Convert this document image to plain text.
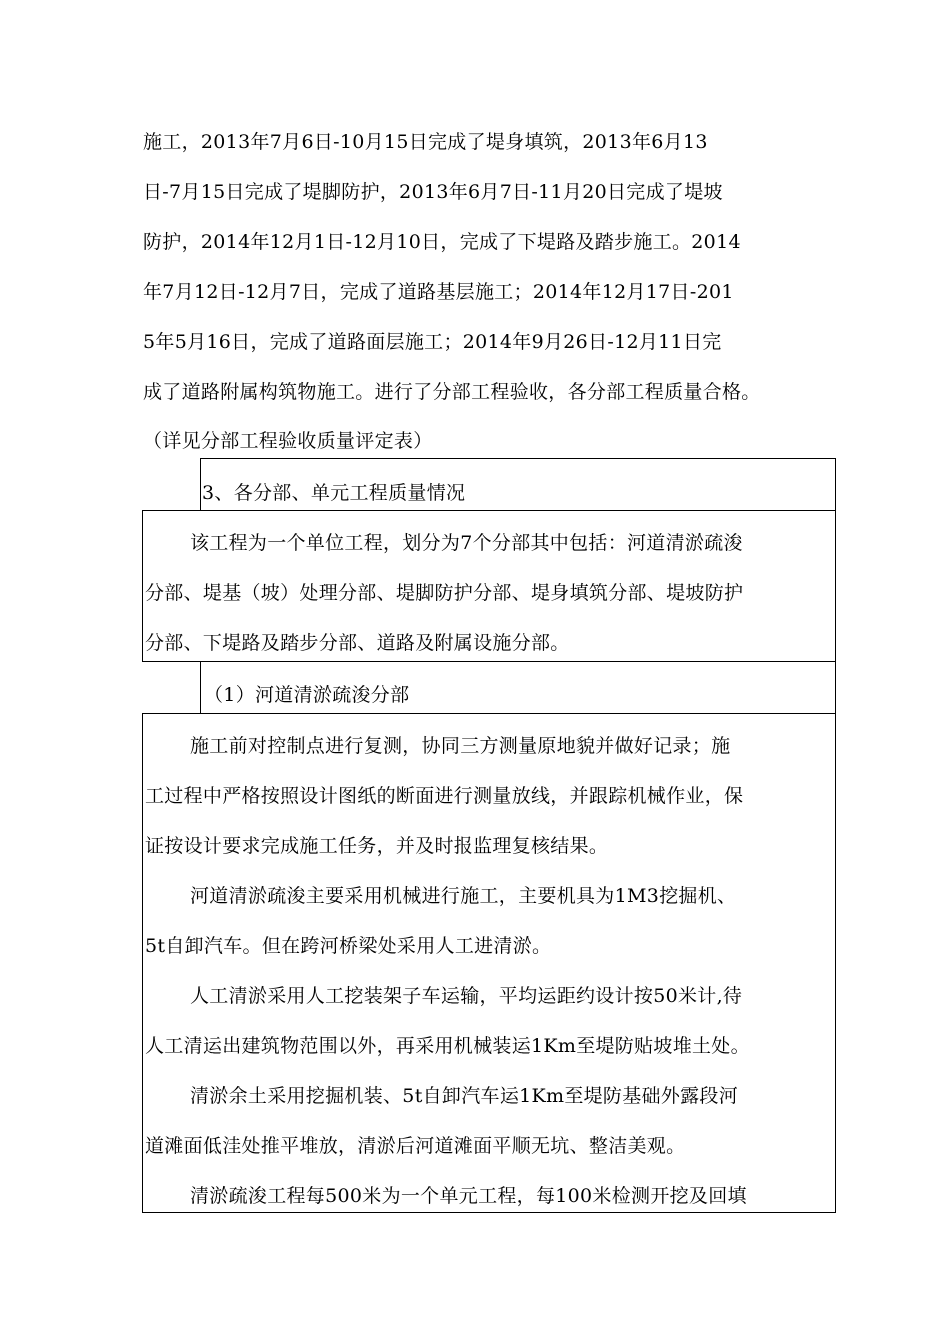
施工，2013年7月6日-10月15日完成了堤身填筑，2013年6月13
日-7月15日完成了堤脚防护，2013年6月7日-11月20日完成了堤坡
防护，2014年12月1日-12月10日，完成了下堤路及踏步施工。2014
年7月12日-12月7日，完成了道路基层施工；2014年12月17日-201
5年5月16日，完成了道路面层施工；2014年9月26日-12月11日完
成了道路附属构筑物施工。进行了分部工程验收，各分部工程质量合格。
（详见分部工程验收质量评定表）
3、各分部、单元工程质量情况
该工程为一个单位工程，划分为7个分部其中包括：河道清淤疏浚
分部、堤基（坡）处理分部、堤脚防护分部、堤身填筑分部、堤坡防护
分部、下堤路及踏步分部、道路及附属设施分部。
（1）河道清淤疏浚分部
施工前对控制点进行复测，协同三方测量原地貌并做好记录；施
工过程中严格按照设计图纸的断面进行测量放线，并跟踪机械作业，保
证按设计要求完成施工任务，并及时报监理复核结果。
河道清淤疏浚主要采用机械进行施工，主要机具为1M3挖掘机、
5t自卸汽车。但在跨河桥梁处采用人工进清淤。
人工清淤采用人工挖装架子车运输，平均运距约设计按50米计,待
人工清运出建筑物范围以外，再采用机械装运1Km至堤防贴坡堆土处。
清淤余土采用挖掘机装、5t自卸汽车运1Km至堤防基础外露段河
道滩面低洼处推平堆放，清淤后河道滩面平顺无坑、整洁美观。
清淤疏浚工程每500米为一个单元工程，每100米检测开挖及回填
